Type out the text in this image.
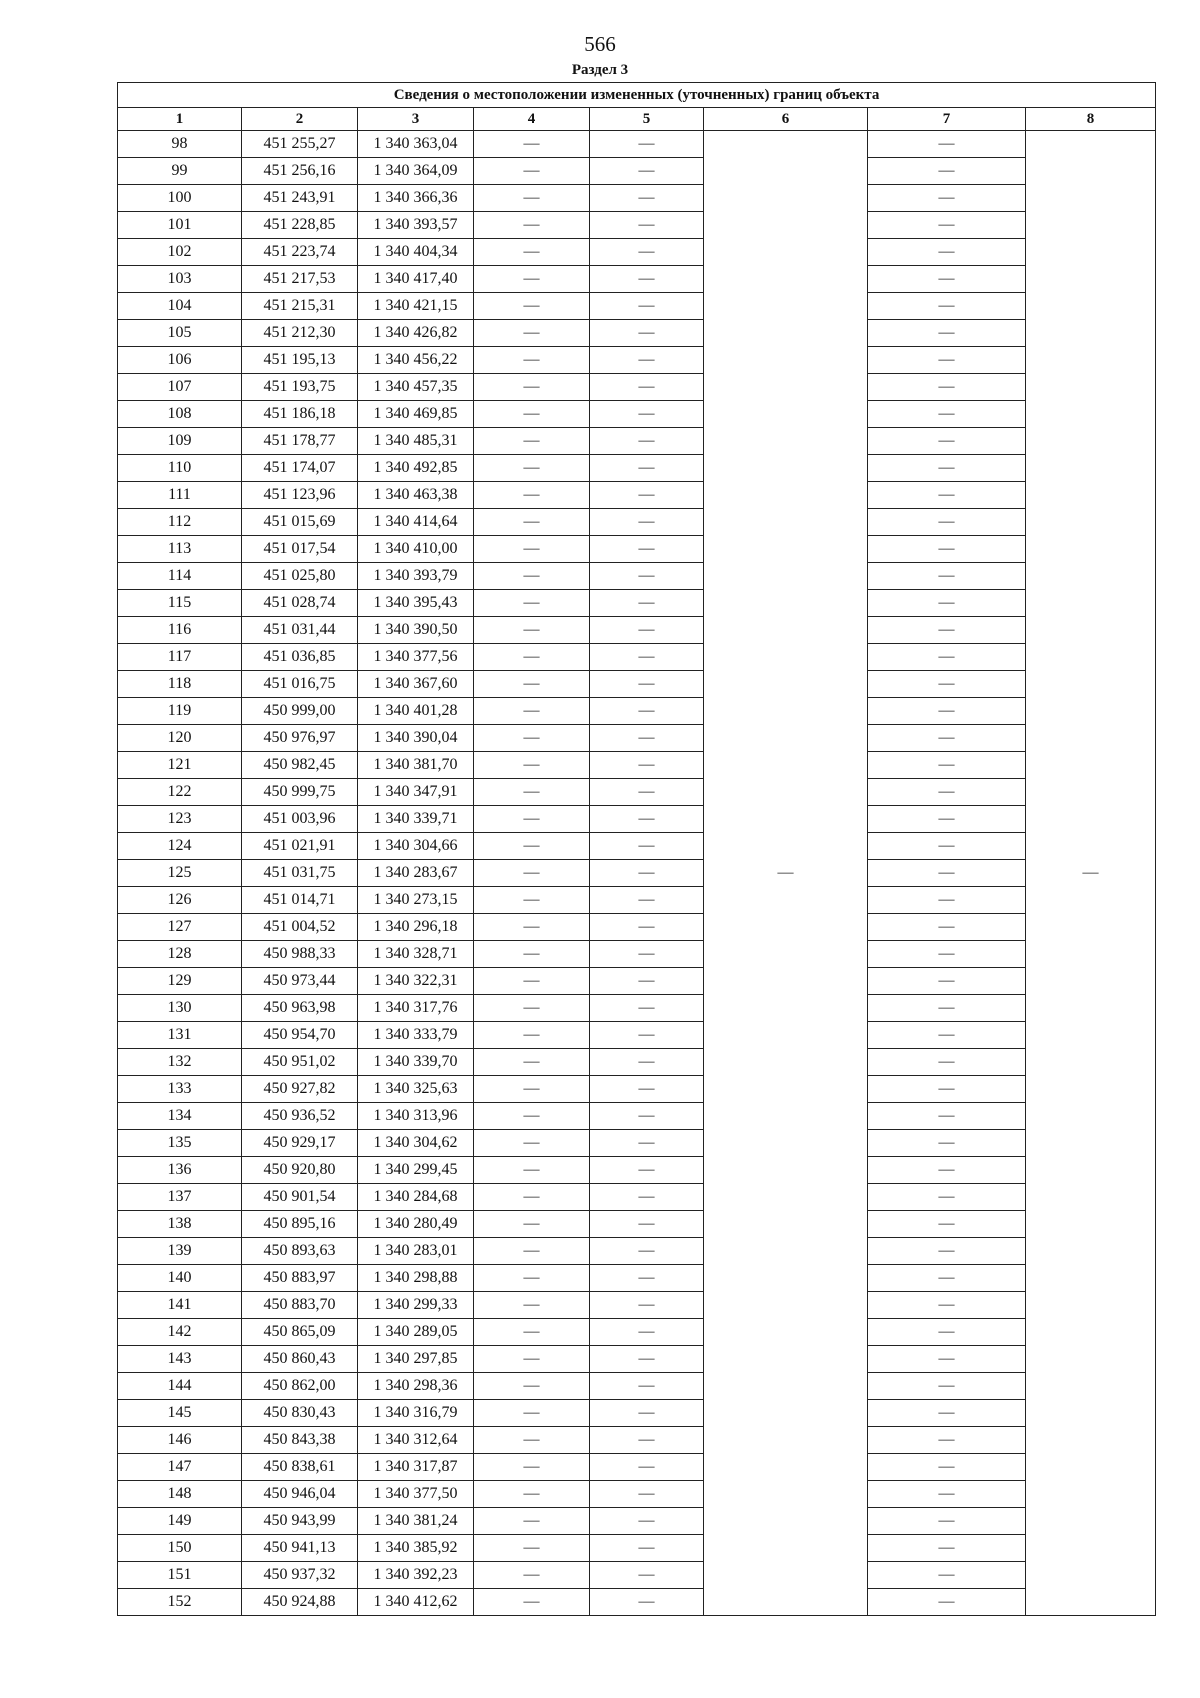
566
Раздел 3
Сведения о местоположении измененных (уточненных) границ объекта							
1	2	3	4	5	6	7	8
98	451 255,27	1 340 363,04	—	—	—	—	—
99	451 256,16	1 340 364,09	—	—		—	
100	451 243,91	1 340 366,36	—	—		—	
101	451 228,85	1 340 393,57	—	—		—	
102	451 223,74	1 340 404,34	—	—		—	
103	451 217,53	1 340 417,40	—	—		—	
104	451 215,31	1 340 421,15	—	—		—	
105	451 212,30	1 340 426,82	—	—		—	
106	451 195,13	1 340 456,22	—	—		—	
107	451 193,75	1 340 457,35	—	—		—	
108	451 186,18	1 340 469,85	—	—		—	
109	451 178,77	1 340 485,31	—	—		—	
110	451 174,07	1 340 492,85	—	—		—	
111	451 123,96	1 340 463,38	—	—		—	
112	451 015,69	1 340 414,64	—	—		—	
113	451 017,54	1 340 410,00	—	—		—	
114	451 025,80	1 340 393,79	—	—		—	
115	451 028,74	1 340 395,43	—	—		—	
116	451 031,44	1 340 390,50	—	—		—	
117	451 036,85	1 340 377,56	—	—		—	
118	451 016,75	1 340 367,60	—	—		—	
119	450 999,00	1 340 401,28	—	—		—	
120	450 976,97	1 340 390,04	—	—		—	
121	450 982,45	1 340 381,70	—	—		—	
122	450 999,75	1 340 347,91	—	—		—	
123	451 003,96	1 340 339,71	—	—		—	
124	451 021,91	1 340 304,66	—	—		—	
125	451 031,75	1 340 283,67	—	—		—	
126	451 014,71	1 340 273,15	—	—		—	
127	451 004,52	1 340 296,18	—	—		—	
128	450 988,33	1 340 328,71	—	—		—	
129	450 973,44	1 340 322,31	—	—		—	
130	450 963,98	1 340 317,76	—	—		—	
131	450 954,70	1 340 333,79	—	—		—	
132	450 951,02	1 340 339,70	—	—		—	
133	450 927,82	1 340 325,63	—	—		—	
134	450 936,52	1 340 313,96	—	—		—	
135	450 929,17	1 340 304,62	—	—		—	
136	450 920,80	1 340 299,45	—	—		—	
137	450 901,54	1 340 284,68	—	—		—	
138	450 895,16	1 340 280,49	—	—		—	
139	450 893,63	1 340 283,01	—	—		—	
140	450 883,97	1 340 298,88	—	—		—	
141	450 883,70	1 340 299,33	—	—		—	
142	450 865,09	1 340 289,05	—	—		—	
143	450 860,43	1 340 297,85	—	—		—	
144	450 862,00	1 340 298,36	—	—		—	
145	450 830,43	1 340 316,79	—	—		—	
146	450 843,38	1 340 312,64	—	—		—	
147	450 838,61	1 340 317,87	—	—		—	
148	450 946,04	1 340 377,50	—	—		—	
149	450 943,99	1 340 381,24	—	—		—	
150	450 941,13	1 340 385,92	—	—		—	
151	450 937,32	1 340 392,23	—	—		—	
152	450 924,88	1 340 412,62	—	—		—	
